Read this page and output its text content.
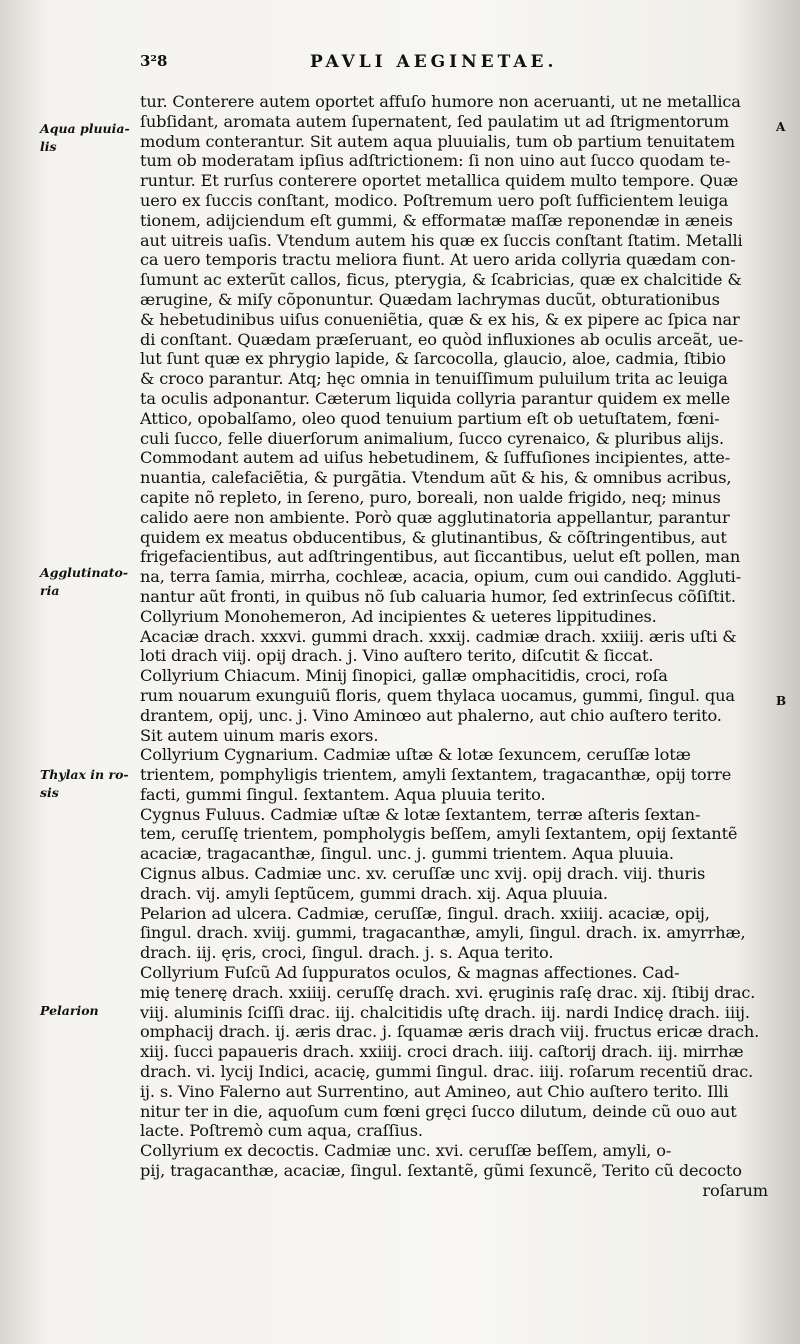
3²8	PAVLI AEGINETAE.
Aqua pluuia-
lis
Agglutinato-
ria
Thylax in ro-
sis
Pelarion
A
B
tur. Conterere autem oportet affuſo humore non aceruanti, ut ne metallica
ſubſidant, aromata autem ſupernatent, ſed paulatim ut ad ſtrigmentorum
modum conterantur. Sit autem aqua pluuialis, tum ob partium tenuitatem
tum ob moderatam ipſius adſtrictionem: ſi non uino aut ſucco quodam te-
runtur. Et rurſus conterere oportet metallica quidem multo tempore. Quæ
uero ex ſuccis conſtant, modico. Poſtremum uero poſt ſufficientem leuiga
tionem, adijciendum eſt gummi, & efformatæ maſſæ reponendæ in æneis
aut uitreis uaſis. Vtendum autem his quæ ex ſuccis conſtant ſtatim. Metalli
ca uero temporis tractu meliora fiunt. At uero arida collyria quædam con-
ſumunt ac exterũt callos, ficus, pterygia, & ſcabricias, quæ ex chalcitide &
ærugine, & miſy cõponuntur. Quædam lachrymas ducũt, obturationibus
& hebetudinibus uiſus conueniẽtia, quæ & ex his, & ex pipere ac ſpica nar
di conſtant. Quædam præſeruant, eo quòd influxiones ab oculis arceãt, ue-
lut ſunt quæ ex phrygio lapide, & ſarcocolla, glaucio, aloe, cadmia, ſtibio
& croco parantur. Atq; hęc omnia in tenuiſſimum puluilum trita ac leuiga
ta oculis adponantur. Cæterum liquida collyria parantur quidem ex melle
Attico, opobalſamo, oleo quod tenuium partium eſt ob uetuſtatem, fœni-
culi ſucco, felle diuerſorum animalium, ſucco cyrenaico, & pluribus alijs.
Commodant autem ad uiſus hebetudinem, & ſuffuſiones incipientes, atte-
nuantia, calefaciẽtia, & purgãtia. Vtendum aũt & his, & omnibus acribus,
capite nõ repleto, in ſereno, puro, boreali, non ualde frigido, neq; minus
calido aere non ambiente. Porò quæ agglutinatoria appellantur, parantur
quidem ex meatus obducentibus, & glutinantibus, & cõſtringentibus, aut
frigefacientibus, aut adſtringentibus, aut ſiccantibus, uelut eſt pollen, man
na, terra ſamia, mirrha, cochleæ, acacia, opium, cum oui candido. Aggluti-
nantur aũt fronti, in quibus nõ ſub caluaria humor, ſed extrinſecus cõſiſtit.
Collyrium Monohemeron, Ad incipientes & ueteres lippitudines.
Acaciæ drach. xxxvi. gummi drach. xxxij. cadmiæ drach. xxiiij. æris uſti &
loti drach viij. opij drach. j. Vino auſtero terito, diſcutit & ſiccat.
Collyrium Chiacum. Minij ſinopici, gallæ omphacitidis, croci, roſa
rum nouarum exunguiũ floris, quem thylaca uocamus, gummi, ſingul. qua
drantem, opij, unc. j. Vino Aminœo aut phalerno, aut chio auſtero terito.
Sit autem uinum maris exors.
Collyrium Cygnarium. Cadmiæ uſtæ & lotæ ſexuncem, ceruſſæ lotæ
trientem, pomphyligis trientem, amyli ſextantem, tragacanthæ, opij torre
facti, gummi ſingul. ſextantem. Aqua pluuia terito.
Cygnus Fuluus. Cadmiæ uſtæ & lotæ ſextantem, terræ aſteris ſextan-
tem, ceruſſę trientem, pompholygis beſſem, amyli ſextantem, opij ſextantẽ
acaciæ, tragacanthæ, ſingul. unc. j. gummi trientem. Aqua pluuia.
Cignus albus. Cadmiæ unc. xv. ceruſſæ unc xvij. opij drach. viij. thuris
drach. vij. amyli ſeptũcem, gummi drach. xij. Aqua pluuia.
Pelarion ad ulcera. Cadmiæ, ceruſſæ, ſingul. drach. xxiiij. acaciæ, opij,
ſingul. drach. xviij. gummi, tragacanthæ, amyli, ſingul. drach. ix. amyrrhæ,
drach. iij. ęris, croci, ſingul. drach. j. s. Aqua terito.
Collyrium Fuſcũ Ad ſuppuratos oculos, & magnas affectiones. Cad-
mię tenerę drach. xxiiij. ceruſſę drach. xvi. ęruginis raſę drac. xij. ſtibij drac.
viij. aluminis ſciſſi drac. iij. chalcitidis uſtę drach. iij. nardi Indicę drach. iiij.
omphacij drach. ij. æris drac. j. ſquamæ æris drach viij. fructus ericæ drach.
xiij. ſucci papaueris drach. xxiiij. croci drach. iiij. caſtorij drach. iij. mirrhæ
drach. vi. lycij Indici, acacię, gummi ſingul. drac. iiij. roſarum recentiũ drac.
ij. s. Vino Falerno aut Surrentino, aut Amineo, aut Chio auſtero terito. Illi
nitur ter in die, aquoſum cum fœni gręci ſucco dilutum, deinde cũ ouo aut
lacte. Poſtremò cum aqua, craſſius.
Collyrium ex decoctis. Cadmiæ unc. xvi. ceruſſæ beſſem, amyli, o-
pij, tragacanthæ, acaciæ, ſingul. ſextantẽ, gũmi ſexuncẽ, Terito cũ decocto
roſarum
